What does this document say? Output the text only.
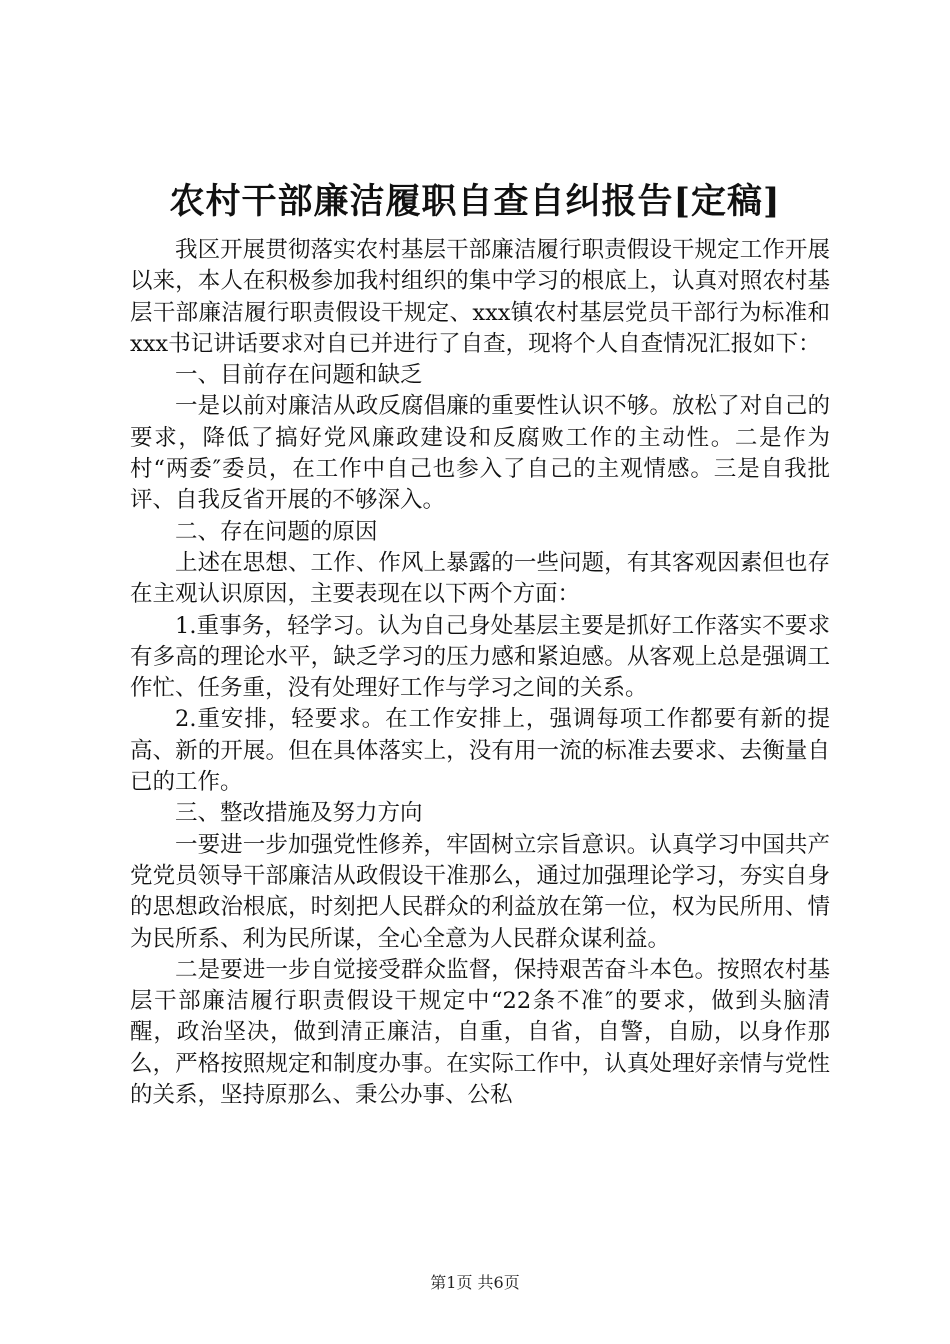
农村干部廉洁履职自查自纠报告[定稿]

我区开展贯彻落实农村基层干部廉洁履行职责假设干规定工作开展以来，本人在积极参加我村组织的集中学习的根底上，认真对照农村基层干部廉洁履行职责假设干规定、xxx镇农村基层党员干部行为标准和xxx书记讲话要求对自已并进行了自查，现将个人自查情况汇报如下：

一、目前存在问题和缺乏

一是以前对廉洁从政反腐倡廉的重要性认识不够。放松了对自己的要求，降低了搞好党风廉政建设和反腐败工作的主动性。二是作为村“两委″委员，在工作中自己也参入了自己的主观情感。三是自我批评、自我反省开展的不够深入。

二、存在问题的原因

上述在思想、工作、作风上暴露的一些问题，有其客观因素但也存在主观认识原因，主要表现在以下两个方面：

1.重事务，轻学习。认为自己身处基层主要是抓好工作落实不要求有多高的理论水平，缺乏学习的压力感和紧迫感。从客观上总是强调工作忙、任务重，没有处理好工作与学习之间的关系。

2.重安排，轻要求。在工作安排上，强调每项工作都要有新的提高、新的开展。但在具体落实上，没有用一流的标准去要求、去衡量自已的工作。

三、整改措施及努力方向

一要进一步加强党性修养，牢固树立宗旨意识。认真学习中国共产党党员领导干部廉洁从政假设干准那么，通过加强理论学习，夯实自身的思想政治根底，时刻把人民群众的利益放在第一位，权为民所用、情为民所系、利为民所谋，全心全意为人民群众谋利益。

二是要进一步自觉接受群众监督，保持艰苦奋斗本色。按照农村基层干部廉洁履行职责假设干规定中“22条不准″的要求，做到头脑清醒，政治坚决，做到清正廉洁，自重，自省，自警，自励，以身作那么，严格按照规定和制度办事。在实际工作中，认真处理好亲情与党性的关系，坚持原那么、秉公办事、公私

第1页 共6页
